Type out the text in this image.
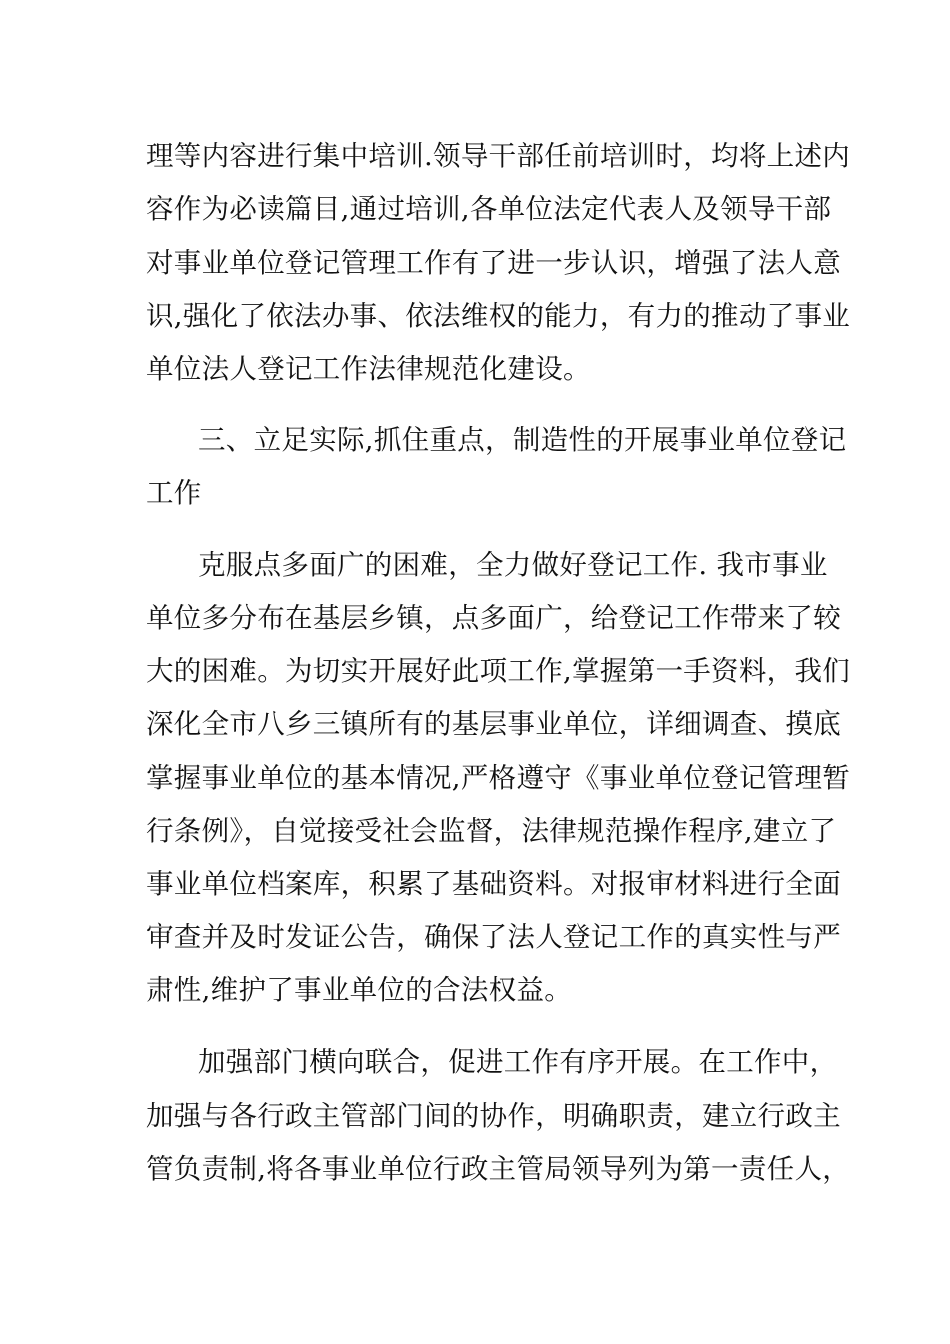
理等内容进行集中培训.领导干部任前培训时，均将上述内
容作为必读篇目,通过培训,各单位法定代表人及领导干部
对事业单位登记管理工作有了进一步认识，增强了法人意
识,强化了依法办事、依法维权的能力，有力的推动了事业
单位法人登记工作法律规范化建设。
三、立足实际,抓住重点，制造性的开展事业单位登记
工作
克服点多面广的困难，全力做好登记工作. 我市事业
单位多分布在基层乡镇，点多面广，给登记工作带来了较
大的困难。为切实开展好此项工作,掌握第一手资料，我们
深化全市八乡三镇所有的基层事业单位，详细调查、摸底
掌握事业单位的基本情况,严格遵守《事业单位登记管理暂
行条例》，自觉接受社会监督，法律规范操作程序,建立了
事业单位档案库，积累了基础资料。对报审材料进行全面
审查并及时发证公告，确保了法人登记工作的真实性与严
肃性,维护了事业单位的合法权益。
加强部门横向联合，促进工作有序开展。在工作中，
加强与各行政主管部门间的协作，明确职责，建立行政主
管负责制,将各事业单位行政主管局领导列为第一责任人，
